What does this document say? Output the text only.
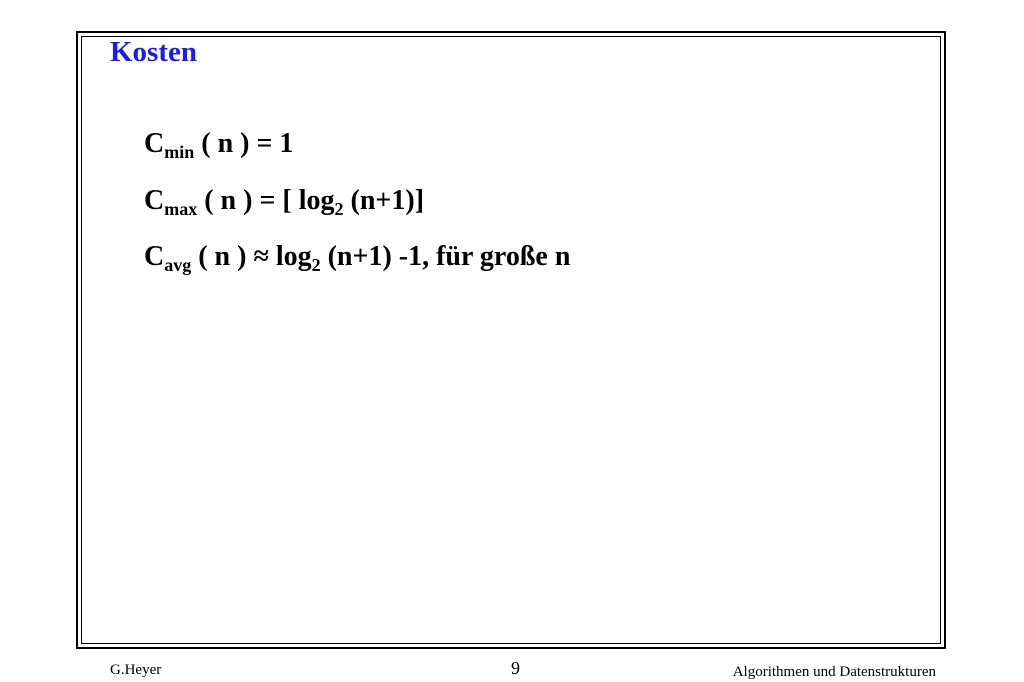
Kosten
$C_{min}$ ( n ) = 1
$C_{max}$ ( n ) = [ $\log_2 (n+1)$]
$C_{avg}$ ( n ) ≈ $\log_2 (n+1)$ -1, für große n
G.Heyer	9	Algorithmen und Datenstrukturen
